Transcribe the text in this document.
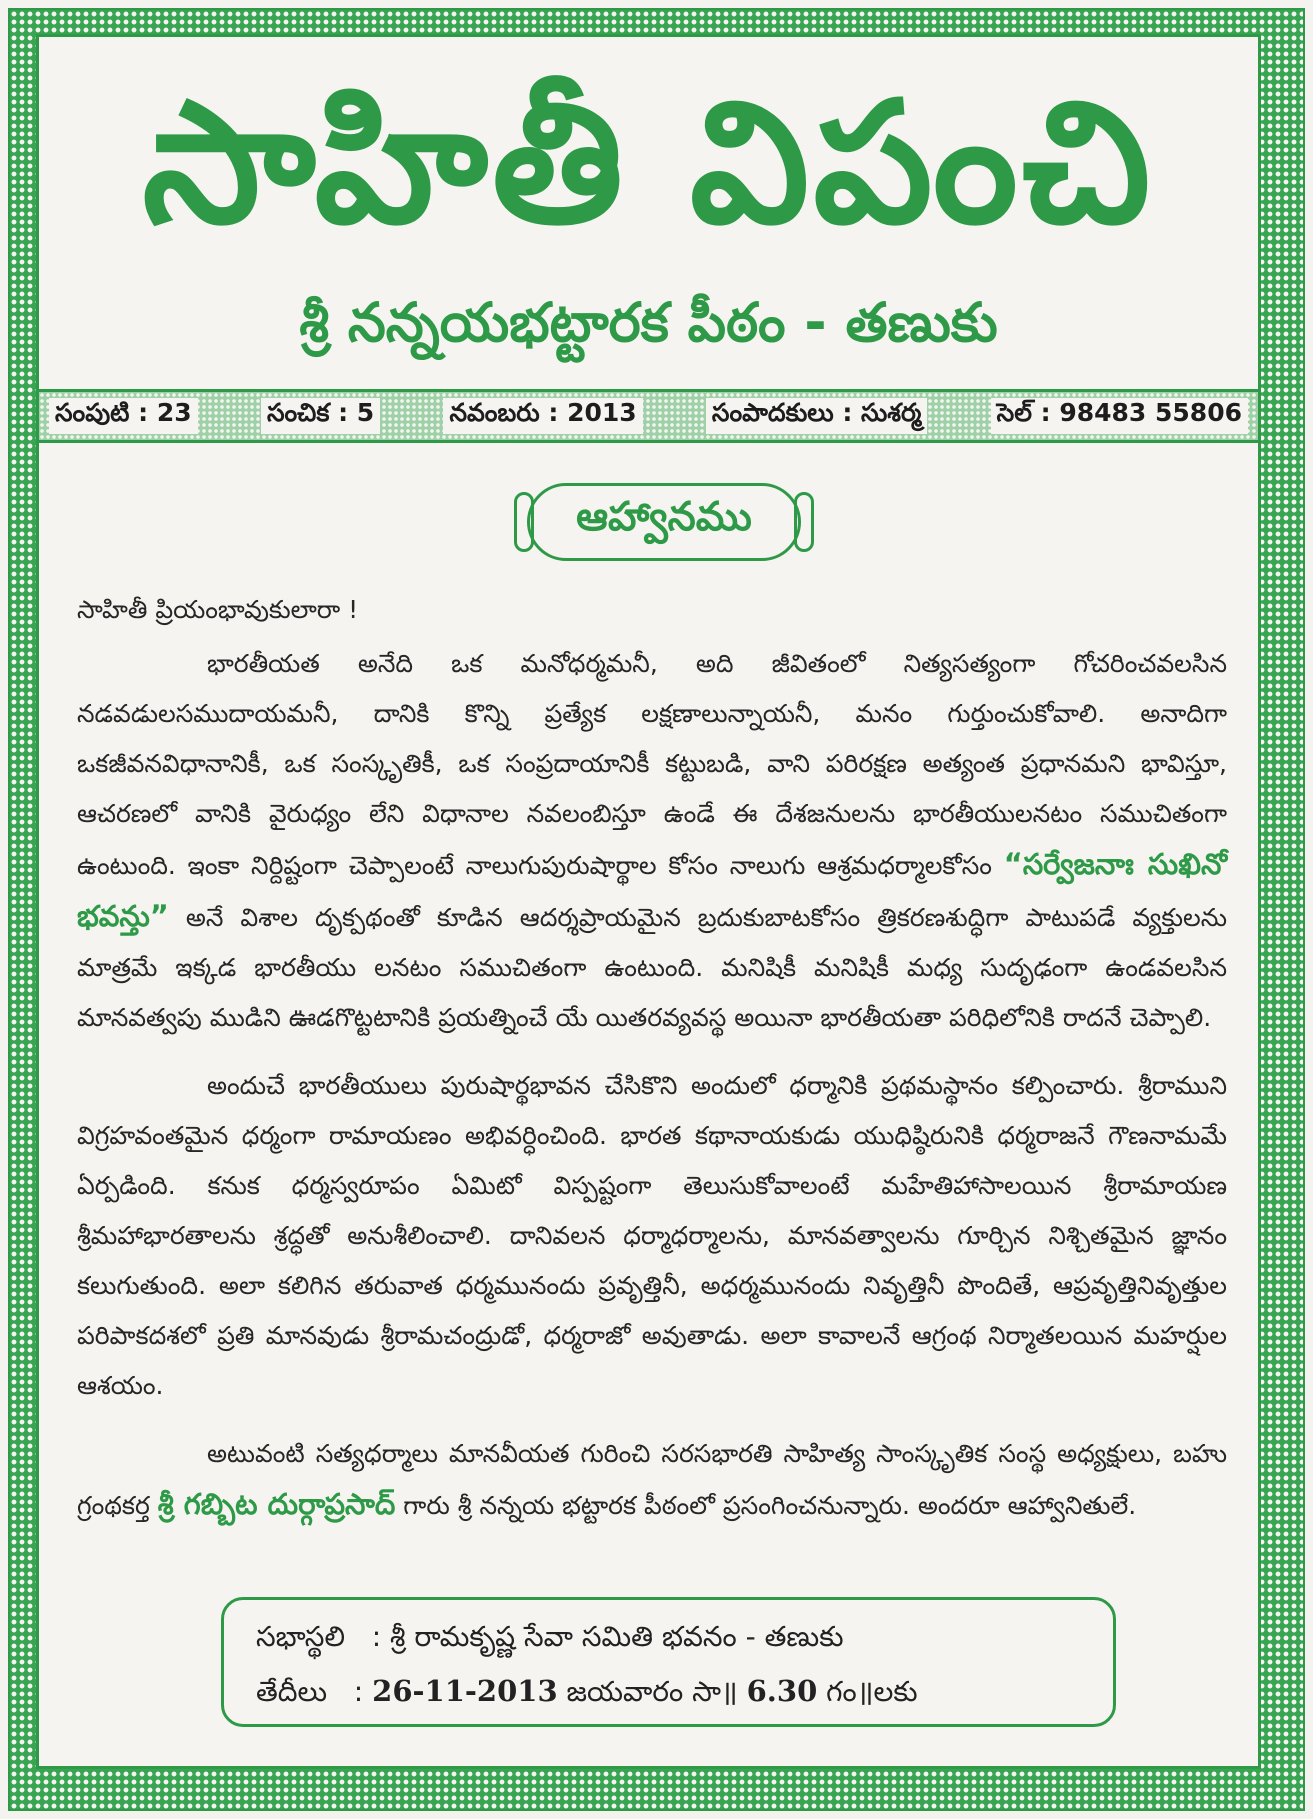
సాహితీ విపంచి
శ్రీ నన్నయభట్టారక పీఠం - తణుకు
సంపుటి : 23	సంచిక : 5	నవంబరు : 2013	సంపాదకులు : సుశర్మ	సెల్ : 98483 55806
ఆహ్వానము

సాహితీ ప్రియంభావుకులారా !

భారతీయత అనేది ఒక మనోధర్మమనీ, అది జీవితంలో నిత్యసత్యంగా గోచరించవలసిన నడవడులసముదాయమనీ, దానికి కొన్ని ప్రత్యేక లక్షణాలున్నాయనీ, మనం గుర్తుంచుకోవాలి. అనాదిగా ఒకజీవనవిధానానికీ, ఒక సంస్కృతికీ, ఒక సంప్రదాయానికీ కట్టుబడి, వాని పరిరక్షణ అత్యంత ప్రధానమని భావిస్తూ, ఆచరణలో వానికి వైరుధ్యం లేని విధానాల నవలంబిస్తూ ఉండే ఈ దేశజనులను భారతీయులనటం సముచితంగా ఉంటుంది. ఇంకా నిర్దిష్టంగా చెప్పాలంటే నాలుగుపురుషార్థాల కోసం నాలుగు ఆశ్రమధర్మాలకోసం “సర్వేజనాః సుఖినో భవన్తు” అనే విశాల దృక్పథంతో కూడిన ఆదర్శప్రాయమైన బ్రదుకుబాటకోసం త్రికరణశుద్ధిగా పాటుపడే వ్యక్తులను మాత్రమే ఇక్కడ భారతీయు లనటం సముచితంగా ఉంటుంది. మనిషికీ మనిషికీ మధ్య సుదృఢంగా ఉండవలసిన మానవత్వపు ముడిని ఊడగొట్టటానికి ప్రయత్నించే యే యితరవ్యవస్థ అయినా భారతీయతా పరిధిలోనికి రాదనే చెప్పాలి.

అందుచే భారతీయులు పురుషార్థభావన చేసికొని అందులో ధర్మానికి ప్రథమస్థానం కల్పించారు. శ్రీరాముని విగ్రహవంతమైన ధర్మంగా రామాయణం అభివర్ధించింది. భారత కథానాయకుడు యుధిష్ఠిరునికి ధర్మరాజనే గౌణనామమే ఏర్పడింది. కనుక ధర్మస్వరూపం ఏమిటో విస్పష్టంగా తెలుసుకోవాలంటే మహేతిహాసాలయిన శ్రీరామాయణ శ్రీమహాభారతాలను శ్రద్ధతో అనుశీలించాలి. దానివలన ధర్మాధర్మాలను, మానవత్వాలను గూర్చిన నిశ్చితమైన జ్ఞానం కలుగుతుంది. అలా కలిగిన తరువాత ధర్మమునందు ప్రవృత్తినీ, అధర్మమునందు నివృత్తినీ పొందితే, ఆప్రవృత్తినివృత్తుల పరిపాకదశలో ప్రతి మానవుడు శ్రీరామచంద్రుడో, ధర్మరాజో అవుతాడు. అలా కావాలనే ఆగ్రంథ నిర్మాతలయిన మహర్షుల ఆశయం.

అటువంటి సత్యధర్మాలు మానవీయత గురించి సరసభారతి సాహిత్య సాంస్కృతిక సంస్థ అధ్యక్షులు, బహు గ్రంథకర్త శ్రీ గబ్బిట దుర్గాప్రసాద్ గారు శ్రీ నన్నయ భట్టారక పీఠంలో ప్రసంగించనున్నారు. అందరూ ఆహ్వానితులే.

సభాస్థలి : శ్రీ రామకృష్ణ సేవా సమితి భవనం - తణుకు
తేదీలు : 26-11-2013 జయవారం సా॥ 6.30 గం॥లకు
